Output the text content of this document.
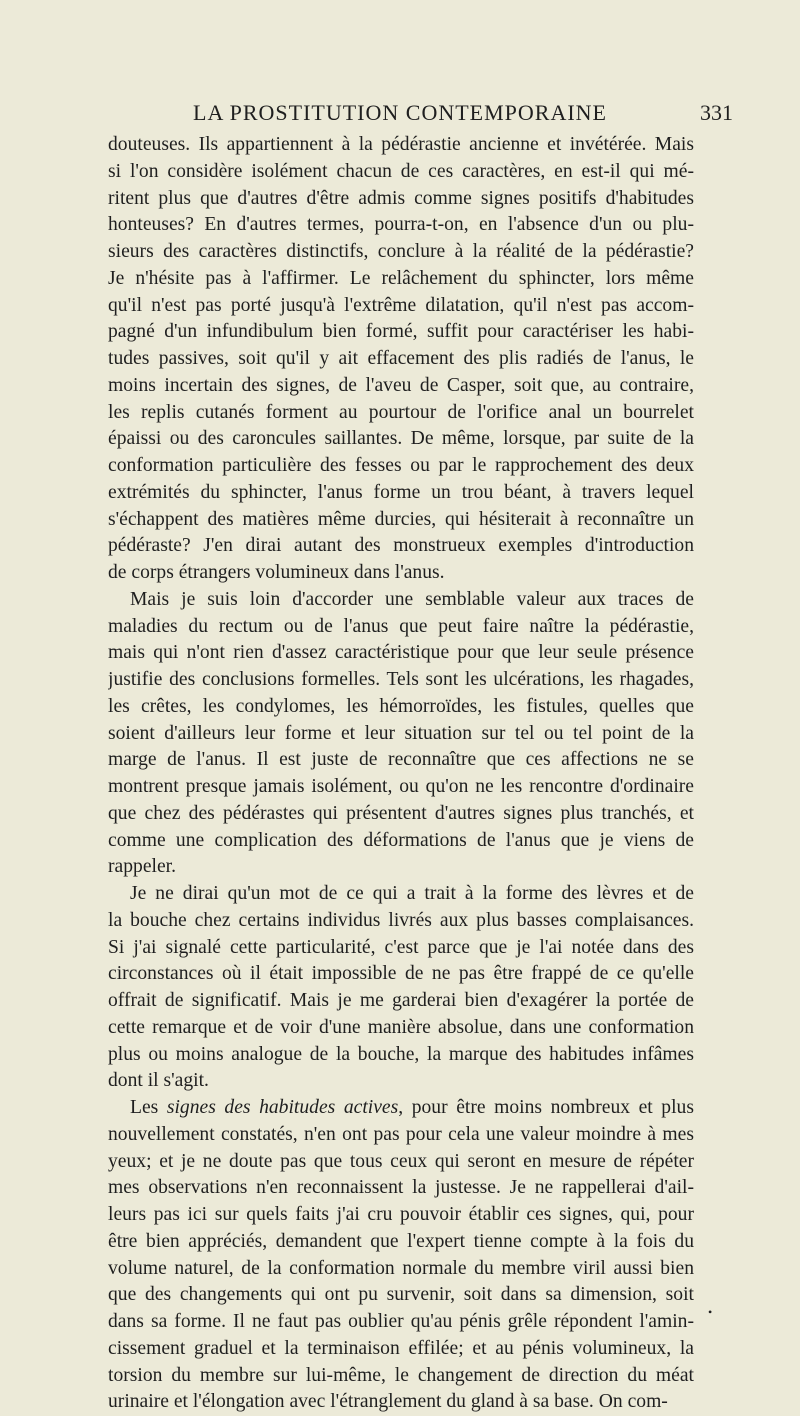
LA PROSTITUTION CONTEMPORAINE	331
douteuses. Ils appartiennent à la pédérastie ancienne et invétérée. Mais
si l'on considère isolément chacun de ces caractères, en est-il qui mé-
ritent plus que d'autres d'être admis comme signes positifs d'habitudes
honteuses? En d'autres termes, pourra-t-on, en l'absence d'un ou plu-
sieurs des caractères distinctifs, conclure à la réalité de la pédérastie?
Je n'hésite pas à l'affirmer. Le relâchement du sphincter, lors même
qu'il n'est pas porté jusqu'à l'extrême dilatation, qu'il n'est pas accom-
pagné d'un infundibulum bien formé, suffit pour caractériser les habi-
tudes passives, soit qu'il y ait effacement des plis radiés de l'anus, le
moins incertain des signes, de l'aveu de Casper, soit que, au contraire,
les replis cutanés forment au pourtour de l'orifice anal un bourrelet
épaissi ou des caroncules saillantes. De même, lorsque, par suite de la
conformation particulière des fesses ou par le rapprochement des deux
extrémités du sphincter, l'anus forme un trou béant, à travers lequel
s'échappent des matières même durcies, qui hésiterait à reconnaître un
pédéraste? J'en dirai autant des monstrueux exemples d'introduction
de corps étrangers volumineux dans l'anus.
Mais je suis loin d'accorder une semblable valeur aux traces de
maladies du rectum ou de l'anus que peut faire naître la pédérastie,
mais qui n'ont rien d'assez caractéristique pour que leur seule présence
justifie des conclusions formelles. Tels sont les ulcérations, les rhagades,
les crêtes, les condylomes, les hémorroïdes, les fistules, quelles que
soient d'ailleurs leur forme et leur situation sur tel ou tel point de la
marge de l'anus. Il est juste de reconnaître que ces affections ne se
montrent presque jamais isolément, ou qu'on ne les rencontre d'ordinaire
que chez des pédérastes qui présentent d'autres signes plus tranchés, et
comme une complication des déformations de l'anus que je viens de
rappeler.
Je ne dirai qu'un mot de ce qui a trait à la forme des lèvres et de
la bouche chez certains individus livrés aux plus basses complaisances.
Si j'ai signalé cette particularité, c'est parce que je l'ai notée dans des
circonstances où il était impossible de ne pas être frappé de ce qu'elle
offrait de significatif. Mais je me garderai bien d'exagérer la portée de
cette remarque et de voir d'une manière absolue, dans une conformation
plus ou moins analogue de la bouche, la marque des habitudes infâmes
dont il s'agit.
Les signes des habitudes actives, pour être moins nombreux et plus
nouvellement constatés, n'en ont pas pour cela une valeur moindre à mes
yeux; et je ne doute pas que tous ceux qui seront en mesure de répéter
mes observations n'en reconnaissent la justesse. Je ne rappellerai d'ail-
leurs pas ici sur quels faits j'ai cru pouvoir établir ces signes, qui, pour
être bien appréciés, demandent que l'expert tienne compte à la fois du
volume naturel, de la conformation normale du membre viril aussi bien
que des changements qui ont pu survenir, soit dans sa dimension, soit
dans sa forme. Il ne faut pas oublier qu'au pénis grêle répondent l'amin-
cissement graduel et la terminaison effilée; et au pénis volumineux, la
torsion du membre sur lui-même, le changement de direction du méat
urinaire et l'élongation avec l'étranglement du gland à sa base. On com-
•
